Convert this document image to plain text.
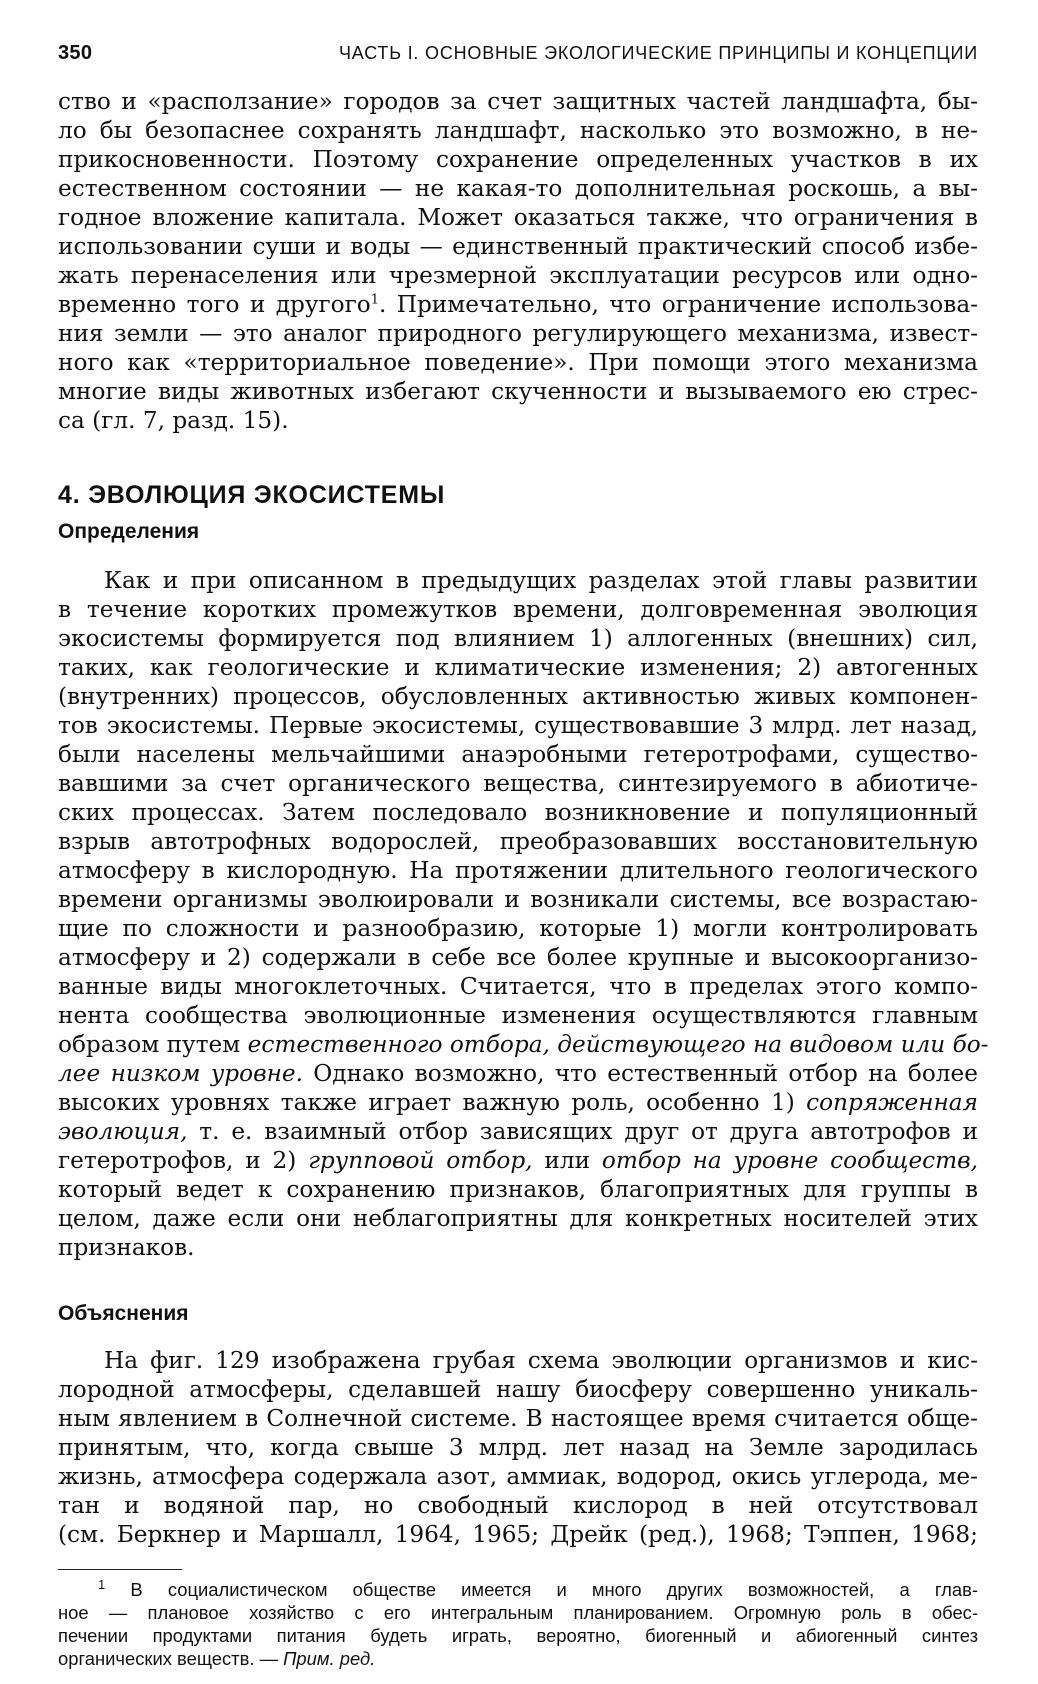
350	ЧАСТЬ I. ОСНОВНЫЕ ЭКОЛОГИЧЕСКИЕ ПРИНЦИПЫ И КОНЦЕПЦИИ

ство и «расползание» городов за счет защитных частей ландшафта, бы-
ло бы безопаснее сохранять ландшафт, насколько это возможно, в не-
прикосновенности. Поэтому сохранение определенных участков в их
естественном состоянии — не какая-то дополнительная роскошь, а вы-
годное вложение капитала. Может оказаться также, что ограничения в
использовании суши и воды — единственный практический способ избе-
жать перенаселения или чрезмерной эксплуатации ресурсов или одно-
временно того и другого$^1$. Примечательно, что ограничение использова-
ния земли — это аналог природного регулирующего механизма, извест-
ного как «территориальное поведение». При помощи этого механизма
многие виды животных избегают скученности и вызываемого ею стрес-
са (гл. 7, разд. 15).

4. ЭВОЛЮЦИЯ ЭКОСИСТЕМЫ
Определения

Как и при описанном в предыдущих разделах этой главы развитии
в течение коротких промежутков времени, долговременная эволюция
экосистемы формируется под влиянием 1) аллогенных (внешних) сил,
таких, как геологические и климатические изменения; 2) автогенных
(внутренних) процессов, обусловленных активностью живых компонен-
тов экосистемы. Первые экосистемы, существовавшие 3 млрд. лет назад,
были населены мельчайшими анаэробными гетеротрофами, существо-
вавшими за счет органического вещества, синтезируемого в абиотиче-
ских процессах. Затем последовало возникновение и популяционный
взрыв автотрофных водорослей, преобразовавших восстановительную
атмосферу в кислородную. На протяжении длительного геологического
времени организмы эволюировали и возникали системы, все возрастаю-
щие по сложности и разнообразию, которые 1) могли контролировать
атмосферу и 2) содержали в себе все более крупные и высокоорганизо-
ванные виды многоклеточных. Считается, что в пределах этого компо-
нента сообщества эволюционные изменения осуществляются главным
образом путем естественного отбора, действующего на видовом или бо-
лее низком уровне. Однако возможно, что естественный отбор на более
высоких уровнях также играет важную роль, особенно 1) сопряженная
эволюция, т. е. взаимный отбор зависящих друг от друга автотрофов и
гетеротрофов, и 2) групповой отбор, или отбор на уровне сообществ,
который ведет к сохранению признаков, благоприятных для группы в
целом, даже если они неблагоприятны для конкретных носителей этих
признаков.

Объяснения

На фиг. 129 изображена грубая схема эволюции организмов и кис-
лородной атмосферы, сделавшей нашу биосферу совершенно уникаль-
ным явлением в Солнечной системе. В настоящее время считается обще-
принятым, что, когда свыше 3 млрд. лет назад на Земле зародилась
жизнь, атмосфера содержала азот, аммиак, водород, окись углерода, ме-
тан и водяной пар, но свободный кислород в ней отсутствовал
(см. Беркнер и Маршалл, 1964, 1965; Дрейк (ред.), 1968; Тэппен, 1968;

$^1$ В социалистическом обществе имеется и много других возможностей, а глав-
ное — плановое хозяйство с его интегральным планированием. Огромную роль в обес-
печении продуктами питания будеть играть, вероятно, биогенный и абиогенный синтез
органических веществ. — Прим. ред.
